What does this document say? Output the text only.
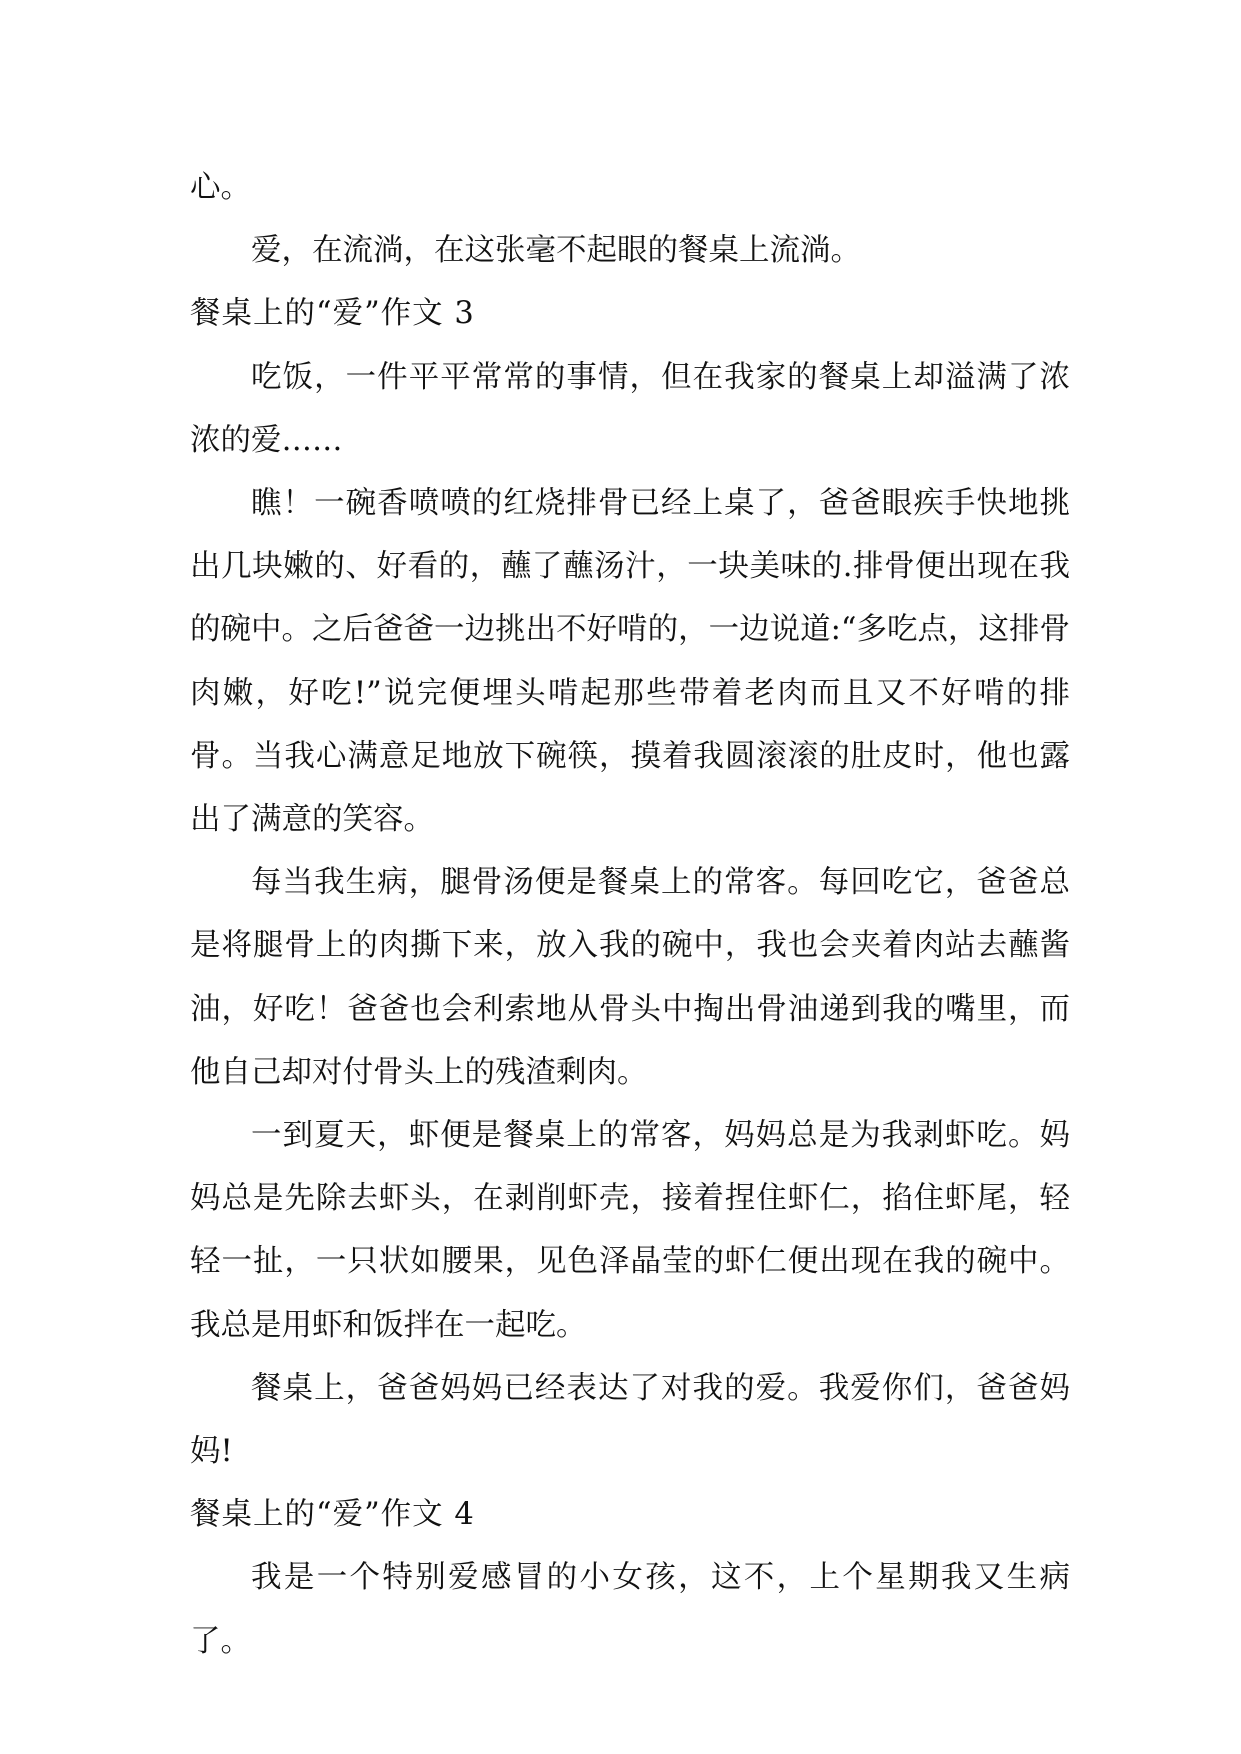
心。

爱，在流淌，在这张毫不起眼的餐桌上流淌。

餐桌上的“爱”作文 3

吃饭，一件平平常常的事情，但在我家的餐桌上却溢满了浓浓的爱……

瞧！一碗香喷喷的红烧排骨已经上桌了，爸爸眼疾手快地挑出几块嫩的、好看的，蘸了蘸汤汁，一块美味的.排骨便出现在我的碗中。之后爸爸一边挑出不好啃的，一边说道:“多吃点，这排骨肉嫩，好吃!”说完便埋头啃起那些带着老肉而且又不好啃的排骨。当我心满意足地放下碗筷，摸着我圆滚滚的肚皮时，他也露出了满意的笑容。

每当我生病，腿骨汤便是餐桌上的常客。每回吃它，爸爸总是将腿骨上的肉撕下来，放入我的碗中，我也会夹着肉站去蘸酱油，好吃！爸爸也会利索地从骨头中掏出骨油递到我的嘴里，而他自己却对付骨头上的残渣剩肉。

一到夏天，虾便是餐桌上的常客，妈妈总是为我剥虾吃。妈妈总是先除去虾头，在剥削虾壳，接着捏住虾仁，掐住虾尾，轻轻一扯，一只状如腰果，见色泽晶莹的虾仁便出现在我的碗中。我总是用虾和饭拌在一起吃。

餐桌上，爸爸妈妈已经表达了对我的爱。我爱你们，爸爸妈妈!

餐桌上的“爱”作文 4

我是一个特别爱感冒的小女孩，这不，上个星期我又生病了。
